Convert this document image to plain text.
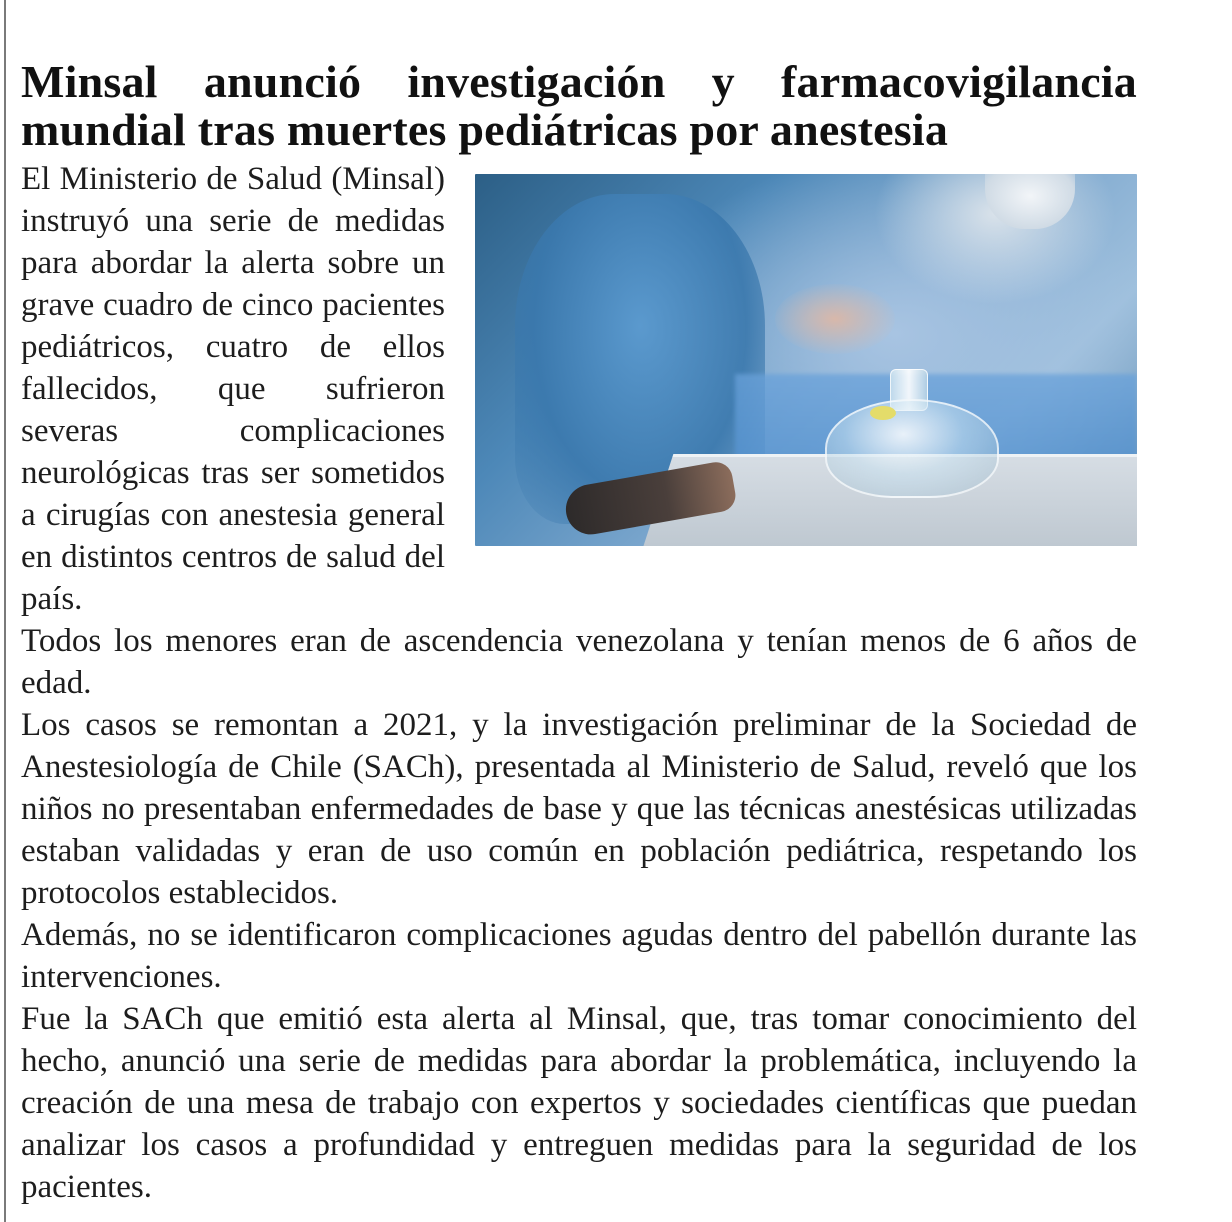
Minsal anunció investigación y farmacovigilancia
mundial tras muertes pediátricas por anestesia

El Ministerio de Salud (Minsal) instruyó una serie de medidas para abordar la alerta sobre un grave cuadro de cinco pacientes pediátricos, cuatro de ellos fallecidos, que sufrieron severas complicaciones neurológicas tras ser sometidos a cirugías con anestesia general en distintos centros de salud del país.

Todos los menores eran de ascendencia venezolana y tenían menos de 6 años de edad.

Los casos se remontan a 2021, y la investigación preliminar de la Sociedad de Anestesiología de Chile (SACh), presentada al Ministerio de Salud, reveló que los niños no presentaban enfermedades de base y que las técnicas anestésicas utilizadas estaban validadas y eran de uso común en población pediátrica, respetando los protocolos establecidos.

Además, no se identificaron complicaciones agudas dentro del pabellón durante las intervenciones.

Fue la SACh que emitió esta alerta al Minsal, que, tras tomar conocimiento del hecho, anunció una serie de medidas para abordar la problemática, incluyendo la creación de una mesa de trabajo con expertos y sociedades científicas que puedan analizar los casos a profundidad y entreguen medidas para la seguridad de los pacientes.
